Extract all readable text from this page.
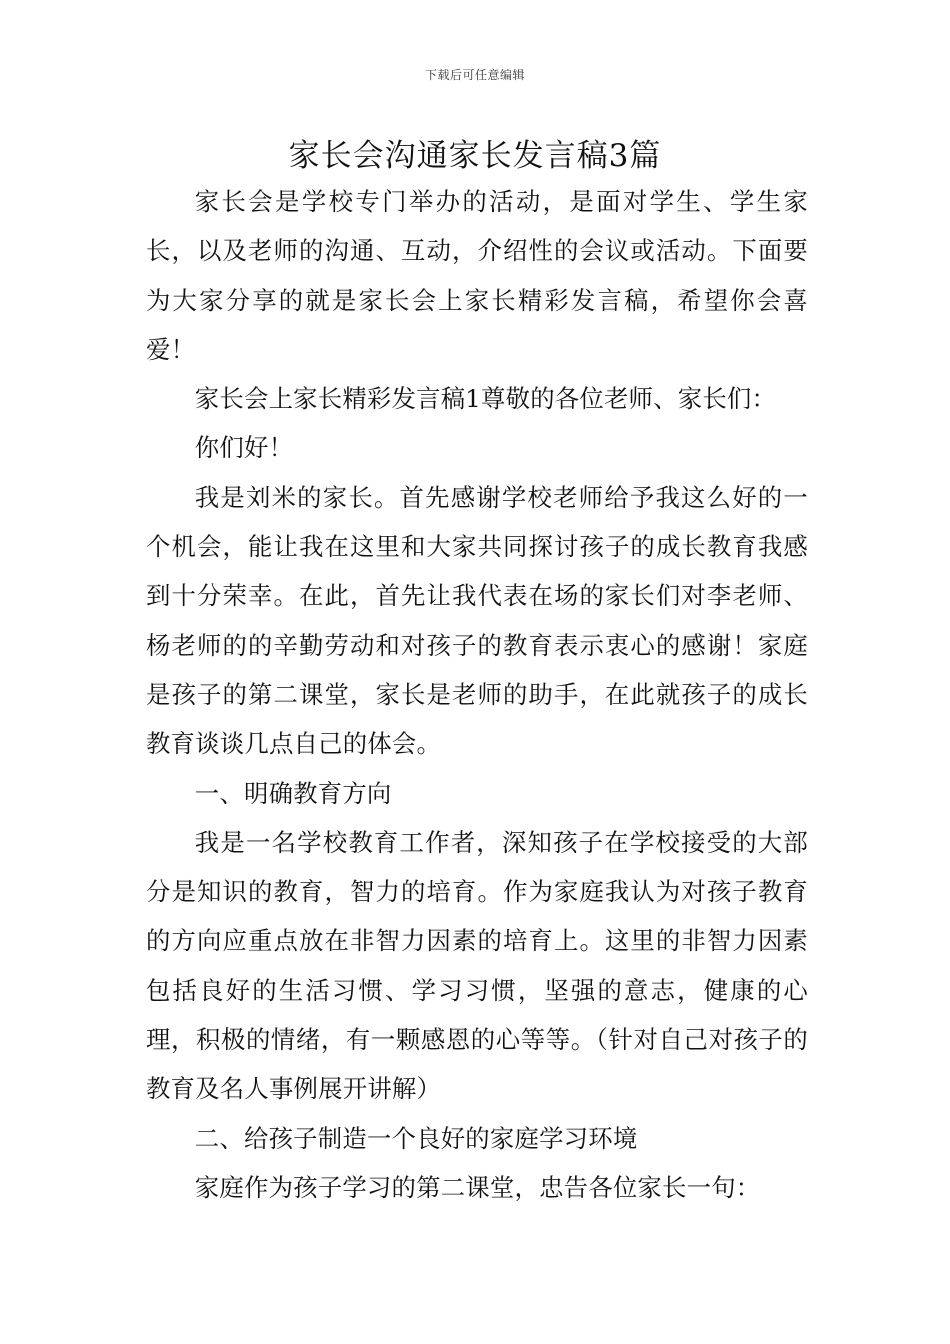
下载后可任意编辑
家长会沟通家长发言稿3篇

家长会是学校专门举办的活动，是面对学生、学生家长，以及老师的沟通、互动，介绍性的会议或活动。下面要为大家分享的就是家长会上家长精彩发言稿，希望你会喜爱！

家长会上家长精彩发言稿1尊敬的各位老师、家长们：

你们好！

我是刘米的家长。首先感谢学校老师给予我这么好的一个机会，能让我在这里和大家共同探讨孩子的成长教育我感到十分荣幸。在此，首先让我代表在场的家长们对李老师、杨老师的的辛勤劳动和对孩子的教育表示衷心的感谢！家庭是孩子的第二课堂，家长是老师的助手，在此就孩子的成长教育谈谈几点自己的体会。

一、明确教育方向

我是一名学校教育工作者，深知孩子在学校接受的大部分是知识的教育，智力的培育。作为家庭我认为对孩子教育的方向应重点放在非智力因素的培育上。这里的非智力因素包括良好的生活习惯、学习习惯，坚强的意志，健康的心理，积极的情绪，有一颗感恩的心等等。（针对自己对孩子的教育及名人事例展开讲解）

二、给孩子制造一个良好的家庭学习环境

家庭作为孩子学习的第二课堂，忠告各位家长一句：
